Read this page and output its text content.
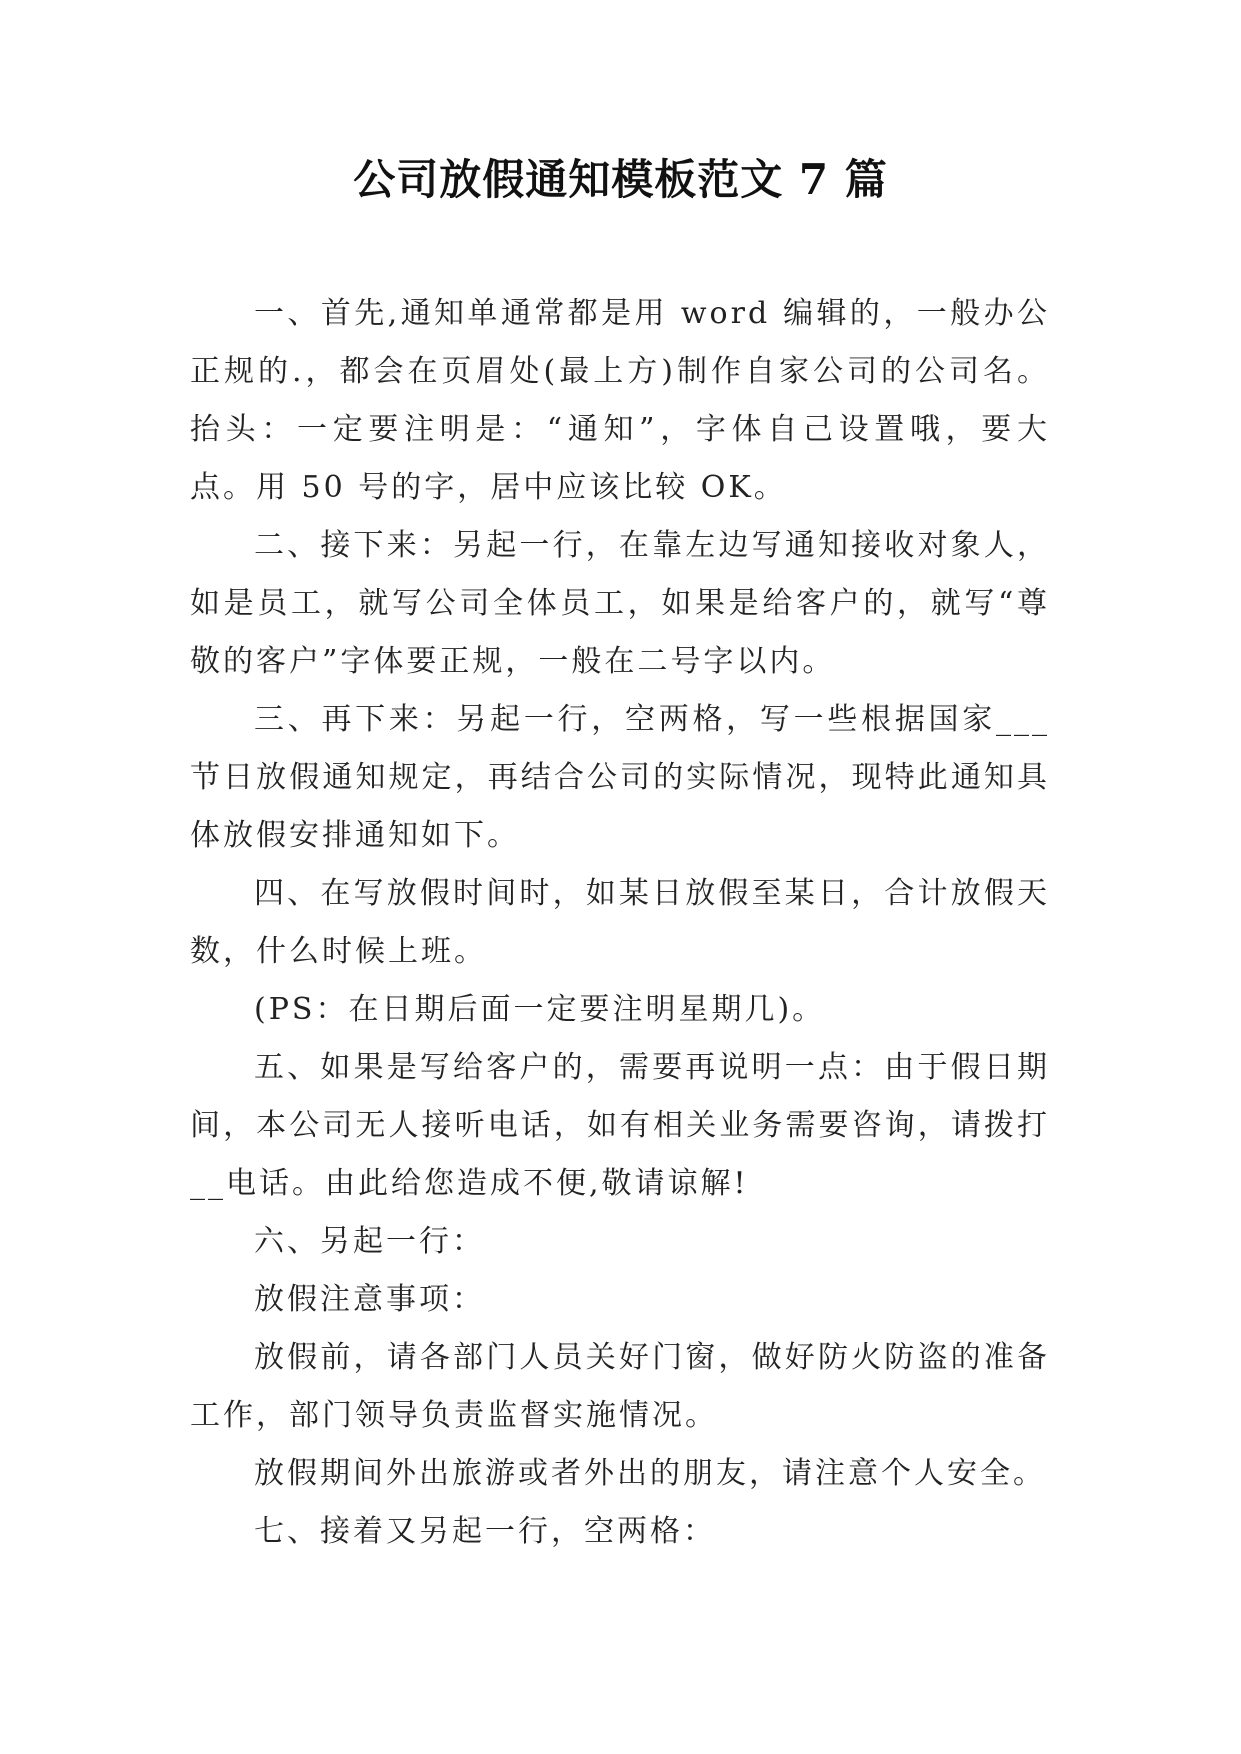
公司放假通知模板范文 7 篇

一、首先,通知单通常都是用 word 编辑的，一般办公正规的.，都会在页眉处(最上方)制作自家公司的公司名。抬头：一定要注明是：“通知”，字体自己设置哦，要大点。用 50 号的字，居中应该比较 OK。

二、接下来：另起一行，在靠左边写通知接收对象人，如是员工，就写公司全体员工，如果是给客户的，就写“尊敬的客户”字体要正规，一般在二号字以内。

三、再下来：另起一行，空两格，写一些根据国家___节日放假通知规定，再结合公司的实际情况，现特此通知具体放假安排通知如下。

四、在写放假时间时，如某日放假至某日，合计放假天数，什么时候上班。

(PS：在日期后面一定要注明星期几)。

五、如果是写给客户的，需要再说明一点：由于假日期间，本公司无人接听电话，如有相关业务需要咨询，请拨打__电话。由此给您造成不便,敬请谅解!

六、另起一行：

放假注意事项：

放假前，请各部门人员关好门窗，做好防火防盗的准备工作，部门领导负责监督实施情况。

放假期间外出旅游或者外出的朋友，请注意个人安全。

七、接着又另起一行，空两格：
